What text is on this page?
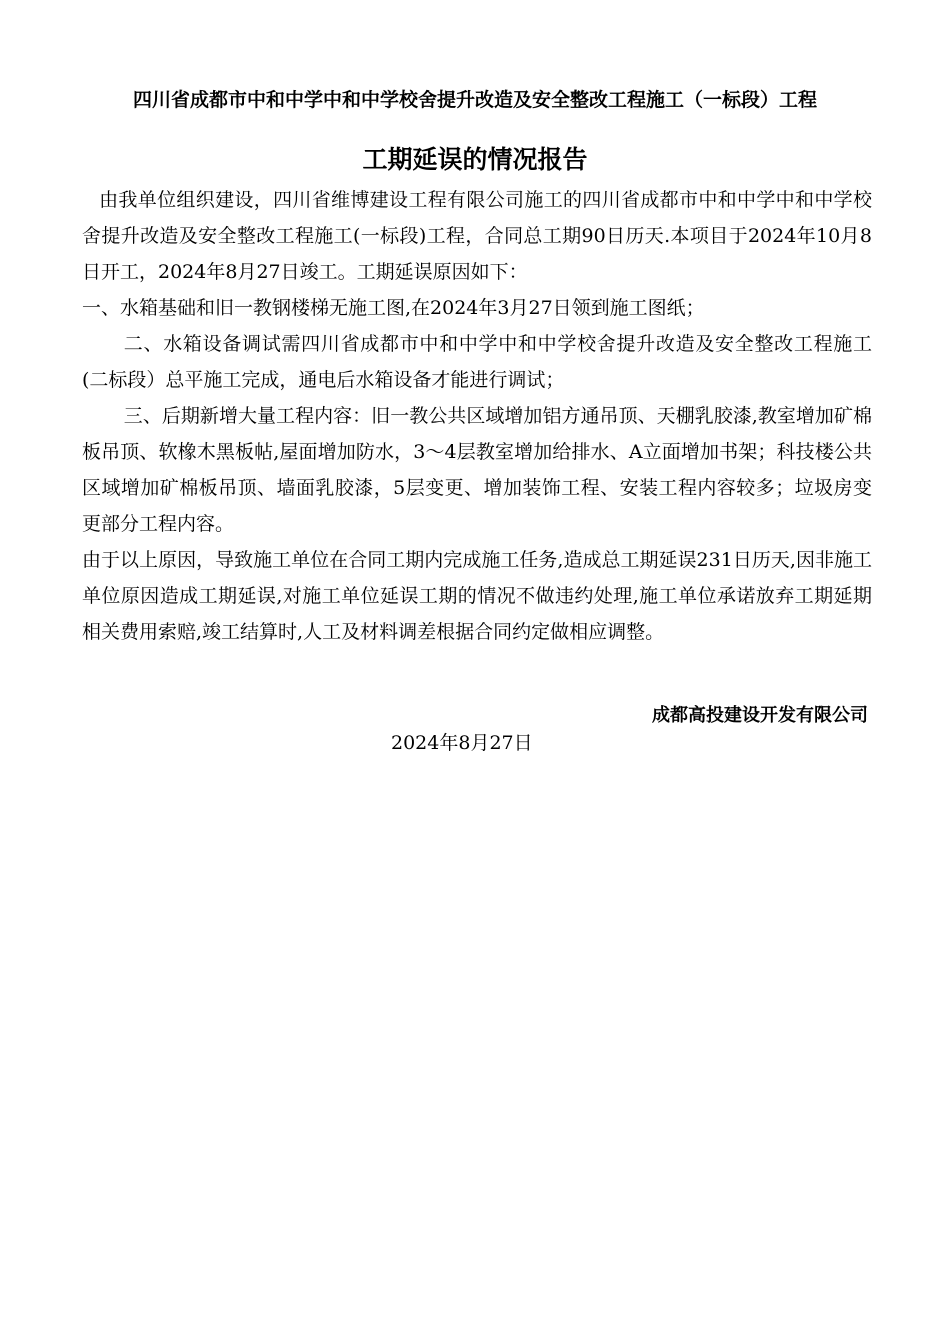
四川省成都市中和中学中和中学校舍提升改造及安全整改工程施工（一标段）工程
工期延误的情况报告

由我单位组织建设，四川省维博建设工程有限公司施工的四川省成都市中和中学中和中学校舍提升改造及安全整改工程施工(一标段)工程，合同总工期90日历天.本项目于2024年10月8日开工，2024年8月27日竣工。工期延误原因如下：

一、水箱基础和旧一教钢楼梯无施工图,在2024年3月27日领到施工图纸；

二、水箱设备调试需四川省成都市中和中学中和中学校舍提升改造及安全整改工程施工(二标段）总平施工完成，通电后水箱设备才能进行调试；

三、后期新增大量工程内容：旧一教公共区域增加铝方通吊顶、天棚乳胶漆,教室增加矿棉板吊顶、软橡木黑板帖,屋面增加防水，3～4层教室增加给排水、A立面增加书架；科技楼公共区域增加矿棉板吊顶、墙面乳胶漆，5层变更、增加装饰工程、安装工程内容较多；垃圾房变更部分工程内容。

由于以上原因，导致施工单位在合同工期内完成施工任务,造成总工期延误231日历天,因非施工单位原因造成工期延误,对施工单位延误工期的情况不做违约处理,施工单位承诺放弃工期延期相关费用索赔,竣工结算时,人工及材料调差根据合同约定做相应调整。

成都高投建设开发有限公司

2024年8月27日
